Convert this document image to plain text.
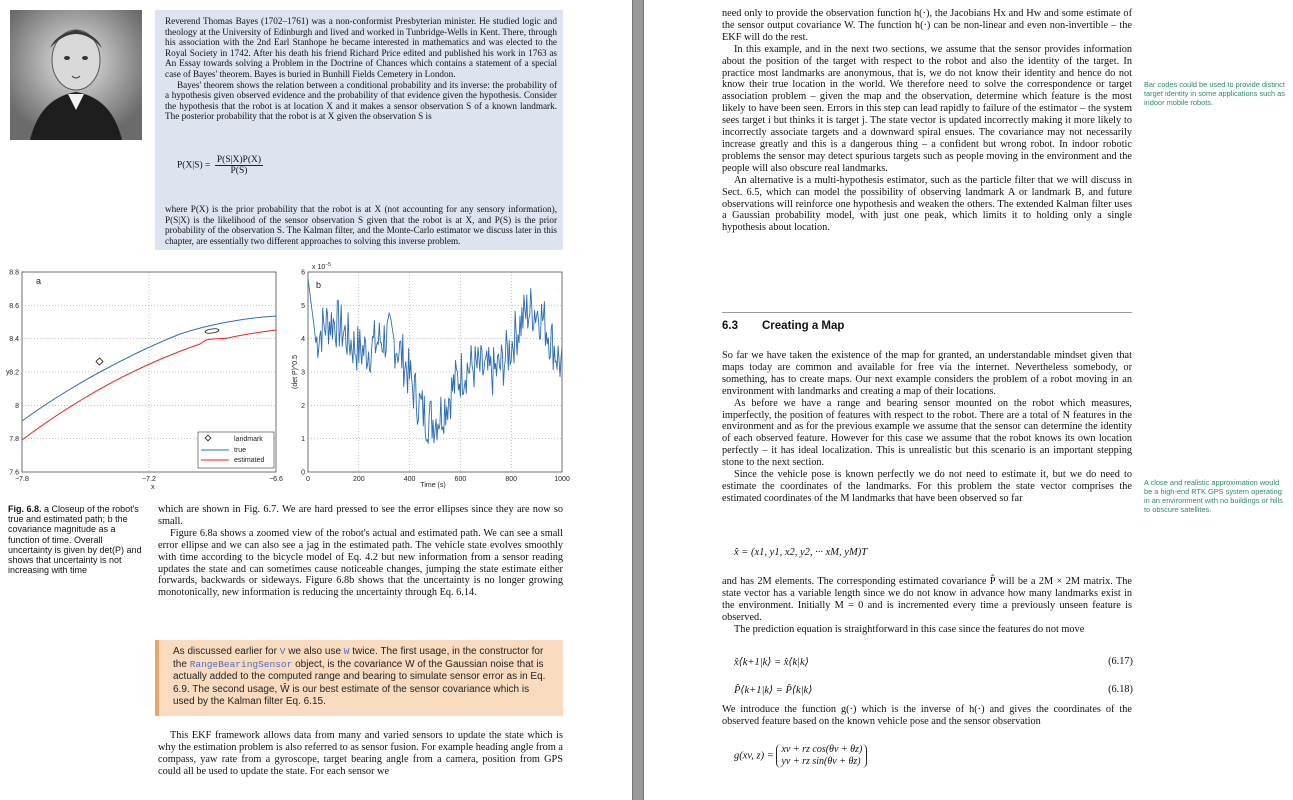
Reverend Thomas Bayes (1702–1761) was a non-conformist Presbyterian minister. He studied logic and theology at the University of Edinburgh and lived and worked in Tunbridge-Wells in Kent. There, through his association with the 2nd Earl Stanhope he became interested in mathematics and was elected to the Royal Society in 1742. After his death his friend Richard Price edited and published his work in 1763 as An Essay towards solving a Problem in the Doctrine of Chances which contains a statement of a special case of Bayes' theorem. Bayes is buried in Bunhill Fields Cemetery in London.

Bayes' theorem shows the relation between a conditional probability and its inverse: the probability of a hypothesis given observed evidence and the probability of that evidence given the hypothesis. Consider the hypothesis that the robot is at location X and it makes a sensor observation S of a known landmark. The posterior probability that the robot is at X given the observation S is

$P(X|S) = \frac{P(S|X)P(X)}{P(S)}$

where P(X) is the prior probability that the robot is at X (not accounting for any sensory information), P(S|X) is the likelihood of the sensor observation S given that the robot is at X, and P(S) is the prior probability of the observation S. The Kalman filter, and the Monte-Carlo estimator we discuss later in this chapter, are essentially two different approaches to solving this inverse problem.

8.8
8.6
8.4
8.2
8
7.8
7.6
−7.8	−7.2	−6.6
a
landmark
true
estimated
y
x
6
5
4
3
2
1
0
0	200	400	600	800	1000
x $10^{-5}$
b
(det P)^0.5
Time (s)
Fig. 6.8. a Closeup of the robot's true and estimated path; b the covariance magnitude as a function of time. Overall uncertainty is given by det(P) and shows that uncertainty is not increasing with time

which are shown in Fig. 6.7. We are hard pressed to see the error ellipses since they are now so small.

Figure 6.8a shows a zoomed view of the robot's actual and estimated path. We can see a small error ellipse and we can also see a jag in the estimated path. The vehicle state evolves smoothly with time according to the bicycle model of Eq. 4.2 but new information from a sensor reading updates the state and can sometimes cause noticeable changes, jumping the state estimate either forwards, backwards or sideways. Figure 6.8b shows that the uncertainty is no longer growing monotonically, new information is reducing the uncertainty through Eq. 6.14.

As discussed earlier for V we also use W twice. The first usage, in the constructor for the RangeBearingSensor object, is the covariance W of the Gaussian noise that is actually added to the computed range and bearing to simulate sensor error as in Eq. 6.9. The second usage, Ŵ is our best estimate of the sensor covariance which is used by the Kalman filter Eq. 6.15.
This EKF framework allows data from many and varied sensors to update the state which is why the estimation problem is also referred to as sensor fusion. For example heading angle from a compass, yaw rate from a gyroscope, target bearing angle from a camera, position from GPS could all be used to update the state. For each sensor we

need only to provide the observation function h(·), the Jacobians Hx and Hw and some estimate of the sensor output covariance W. The function h(·) can be non-linear and even non-invertible – the EKF will do the rest.

In this example, and in the next two sections, we assume that the sensor provides information about the position of the target with respect to the robot and also the identity of the target. In practice most landmarks are anonymous, that is, we do not know their identity and hence do not know their true location in the world. We therefore need to solve the correspondence or target association problem – given the map and the observation, determine which feature is the most likely to have been seen. Errors in this step can lead rapidly to failure of the estimator – the system sees target i but thinks it is target j. The state vector is updated incorrectly making it more likely to incorrectly associate targets and a downward spiral ensues. The covariance may not necessarily increase greatly and this is a dangerous thing – a confident but wrong robot. In indoor robotic problems the sensor may detect spurious targets such as people moving in the environment and the people will also obscure real landmarks.

An alternative is a multi-hypothesis estimator, such as the particle filter that we will discuss in Sect. 6.5, which can model the possibility of observing landmark A or landmark B, and future observations will reinforce one hypothesis and weaken the others. The extended Kalman filter uses a Gaussian probability model, with just one peak, which limits it to holding only a single hypothesis about location.

Bar codes could be used to provide distinct target identity in some applications such as indoor mobile robots.
6.3 Creating a Map

So far we have taken the existence of the map for granted, an understandable mindset given that maps today are common and available for free via the internet. Nevertheless somebody, or something, has to create maps. Our next example considers the problem of a robot moving in an environment with landmarks and creating a map of their locations.

As before we have a range and bearing sensor mounted on the robot which measures, imperfectly, the position of features with respect to the robot. There are a total of N features in the environment and as for the previous example we assume that the sensor can determine the identity of each observed feature. However for this case we assume that the robot knows its own location perfectly – it has ideal localization. This is unrealistic but this scenario is an important stepping stone to the next section.

Since the vehicle pose is known perfectly we do not need to estimate it, but we do need to estimate the coordinates of the landmarks. For this problem the state vector comprises the estimated coordinates of the M landmarks that have been observed so far

A close and realistic approximation would be a high-end RTK GPS system operating in an environment with no buildings or hills to obscure satellites.
x̂ = (x1, y1, x2, y2, ··· xM, yM)T

and has 2M elements. The corresponding estimated covariance P̂ will be a 2M × 2M matrix. The state vector has a variable length since we do not know in advance how many landmarks exist in the environment. Initially M = 0 and is incremented every time a previously unseen feature is observed.

The prediction equation is straightforward in this case since the features do not move

x̂⟨k+1|k⟩ = x̂⟨k|k⟩	(6.17)
P̂⟨k+1|k⟩ = P̂⟨k|k⟩	(6.18)
We introduce the function g(·) which is the inverse of h(·) and gives the coordinates of the observed feature based on the known vehicle pose and the sensor observation
g(xv, z) =
xv + rz cos(θv + θz)
yv + rz sin(θv + θz)
